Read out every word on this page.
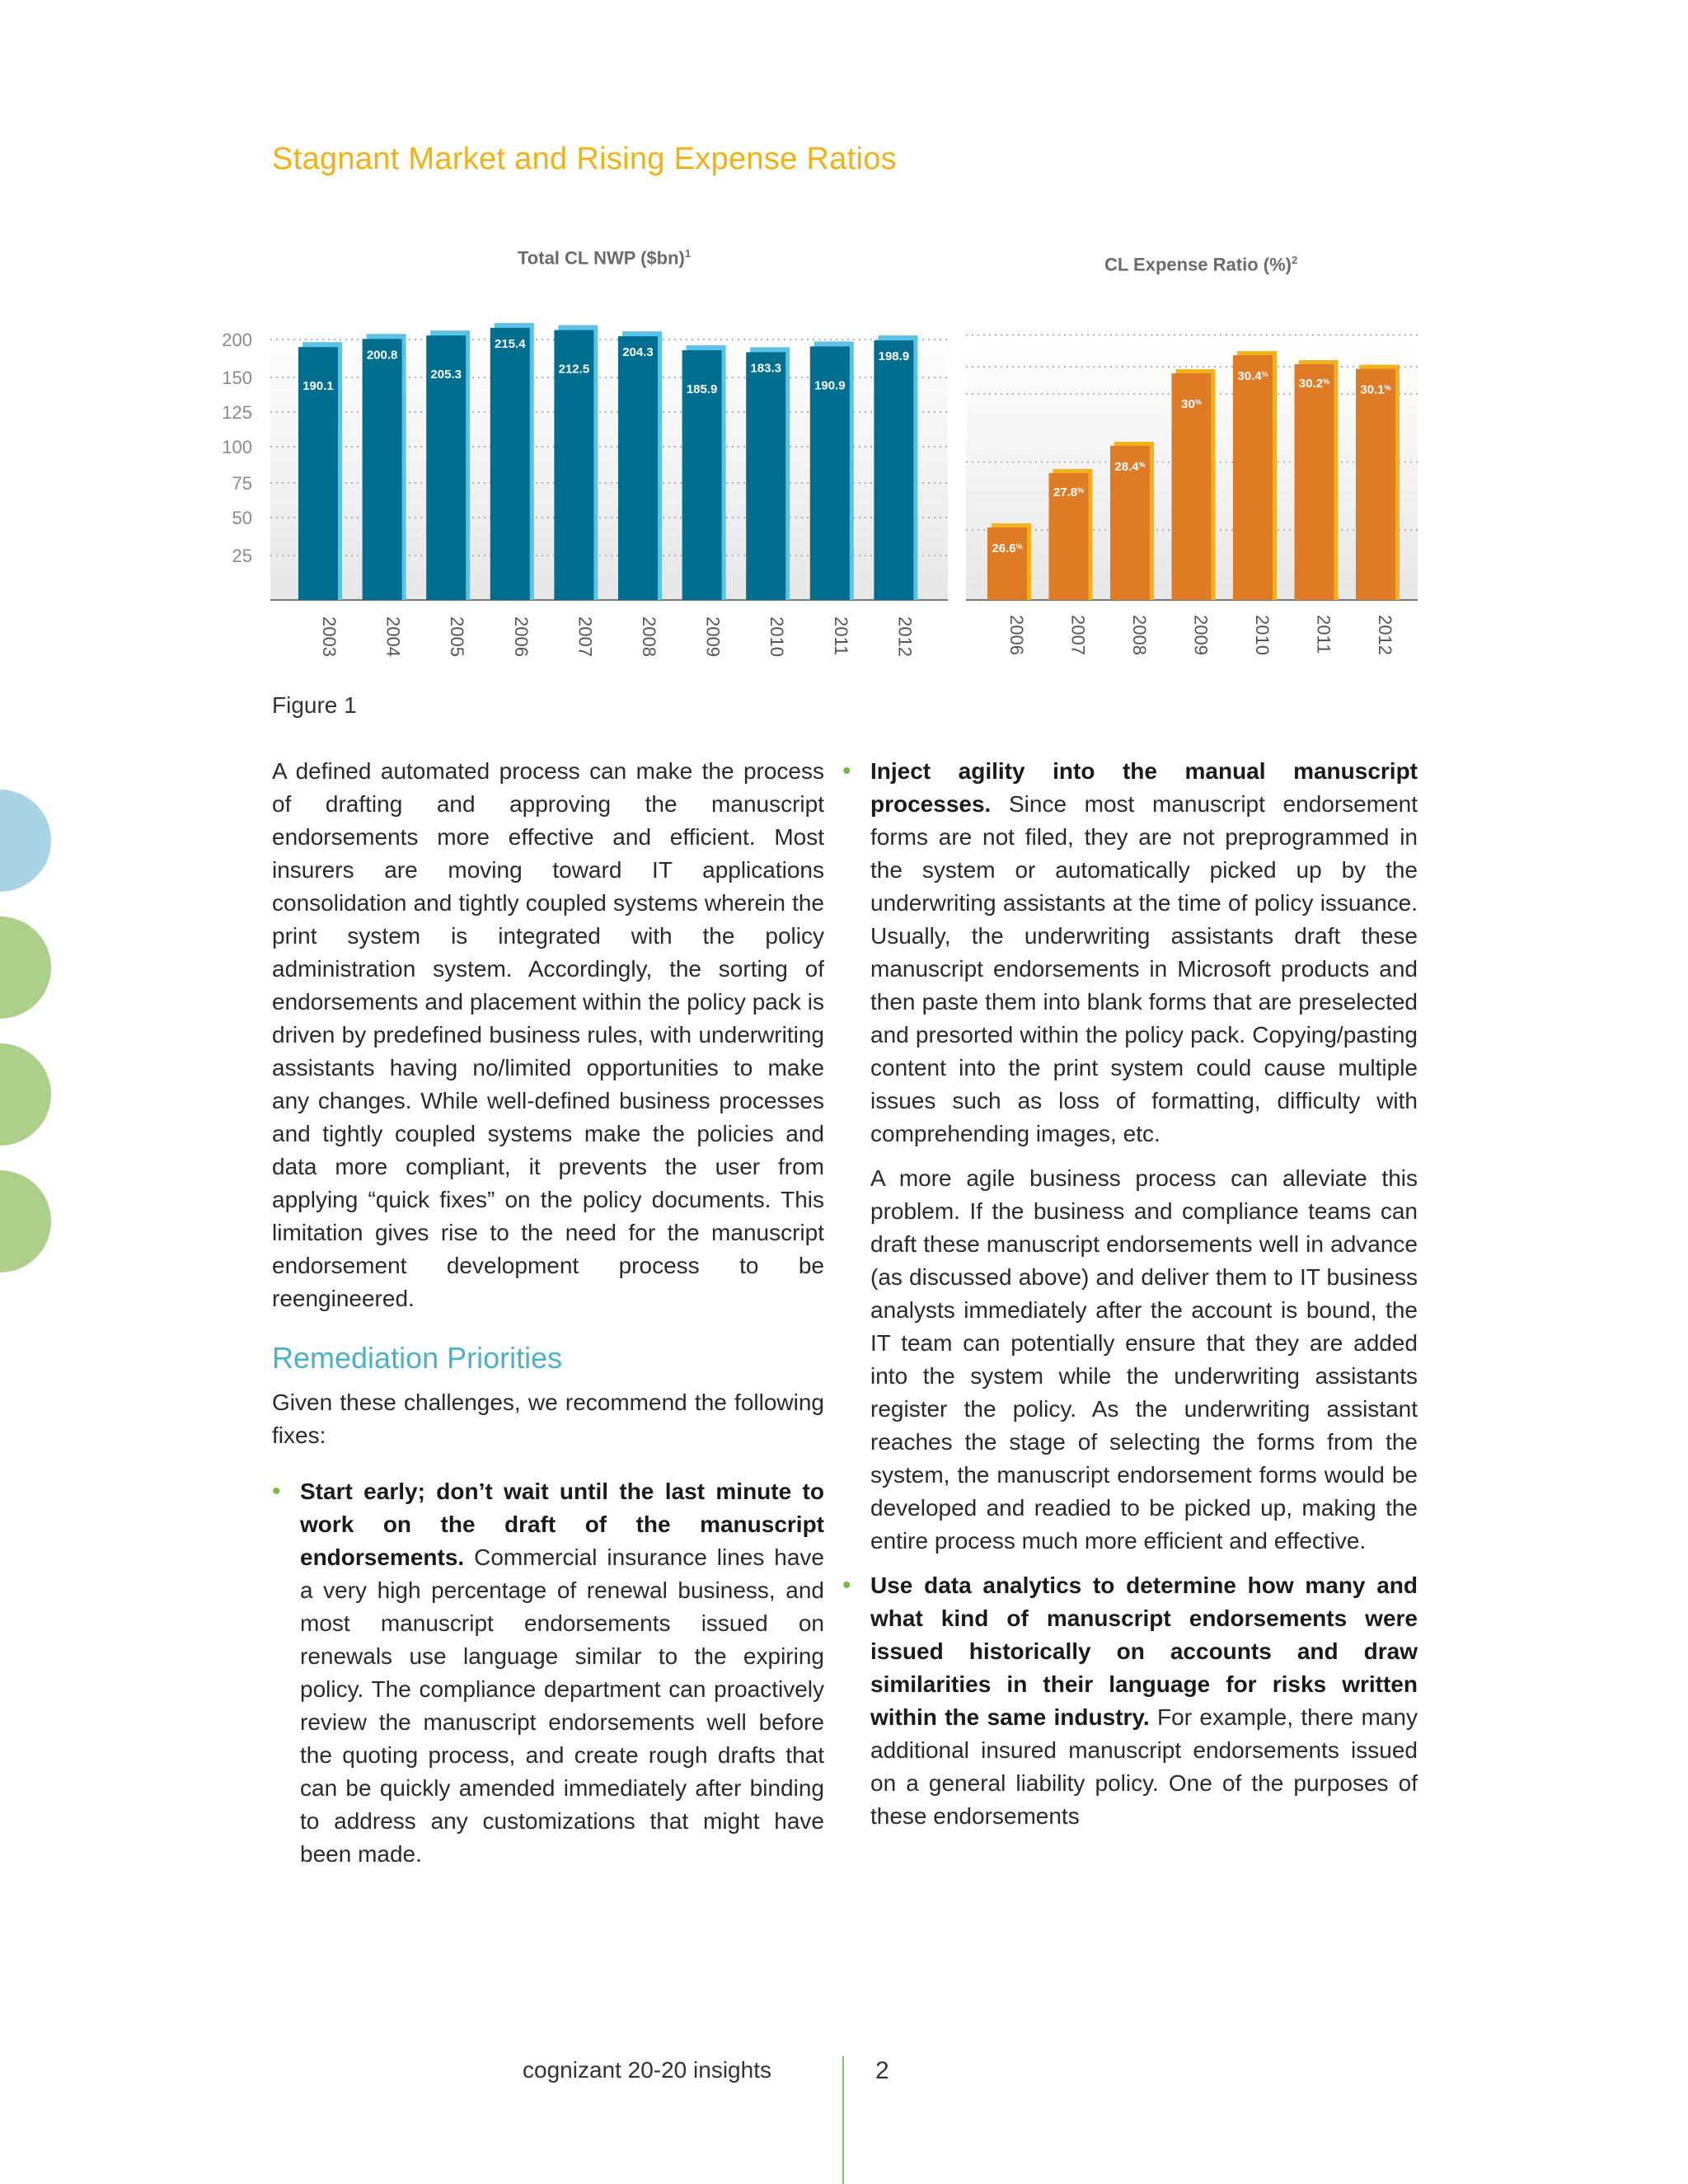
Stagnant Market and Rising Expense Ratios
Total CL NWP ($bn)$^1$
200
150
125
100
75
50
25
190.1
2003
200.8
2004
205.3
2005
215.4
2006
212.5
2007
204.3
2008
185.9
2009
183.3
2010
190.9
2011
198.9
2012
CL Expense Ratio (%)$^2$
26.6%
2006
27.8%
2007
28.4%
2008
30%
2009
30.4%
2010
30.2%
2011
30.1%
2012
Figure 1

A defined automated process can make the process of drafting and approving the manuscript endorsements more effective and efficient. Most insurers are moving toward IT applications consolidation and tightly coupled systems wherein the print system is integrated with the policy administration system. Accordingly, the sorting of endorsements and placement within the policy pack is driven by predefined business rules, with underwriting assistants having no/limited opportunities to make any changes. While well-defined business processes and tightly coupled systems make the policies and data more compliant, it prevents the user from applying “quick fixes” on the policy documents. This limitation gives rise to the need for the manuscript endorsement development process to be reengineered.

Remediation Priorities

Given these challenges, we recommend the following fixes:

• Start early; don’t wait until the last minute to work on the draft of the manuscript endorsements. Commercial insurance lines have a very high percentage of renewal business, and most manuscript endorsements issued on renewals use language similar to the expiring policy. The compliance department can proactively review the manuscript endorsements well before the quoting process, and create rough drafts that can be quickly amended immediately after binding to address any customizations that might have been made.

• Inject agility into the manual manuscript processes. Since most manuscript endorsement forms are not filed, they are not preprogrammed in the system or automatically picked up by the underwriting assistants at the time of policy issuance. Usually, the underwriting assistants draft these manuscript endorsements in Microsoft products and then paste them into blank forms that are preselected and presorted within the policy pack. Copying/pasting content into the print system could cause multiple issues such as loss of formatting, difficulty with comprehending images, etc.

A more agile business process can alleviate this problem. If the business and compliance teams can draft these manuscript endorsements well in advance (as discussed above) and deliver them to IT business analysts immediately after the account is bound, the IT team can potentially ensure that they are added into the system while the underwriting assistants register the policy. As the underwriting assistant reaches the stage of selecting the forms from the system, the manuscript endorsement forms would be developed and readied to be picked up, making the entire process much more efficient and effective.

• Use data analytics to determine how many and what kind of manuscript endorsements were issued historically on accounts and draw similarities in their language for risks written within the same industry. For example, there many additional insured manuscript endorsements issued on a general liability policy. One of the purposes of these endorsements

cognizant 20-20 insights	2
